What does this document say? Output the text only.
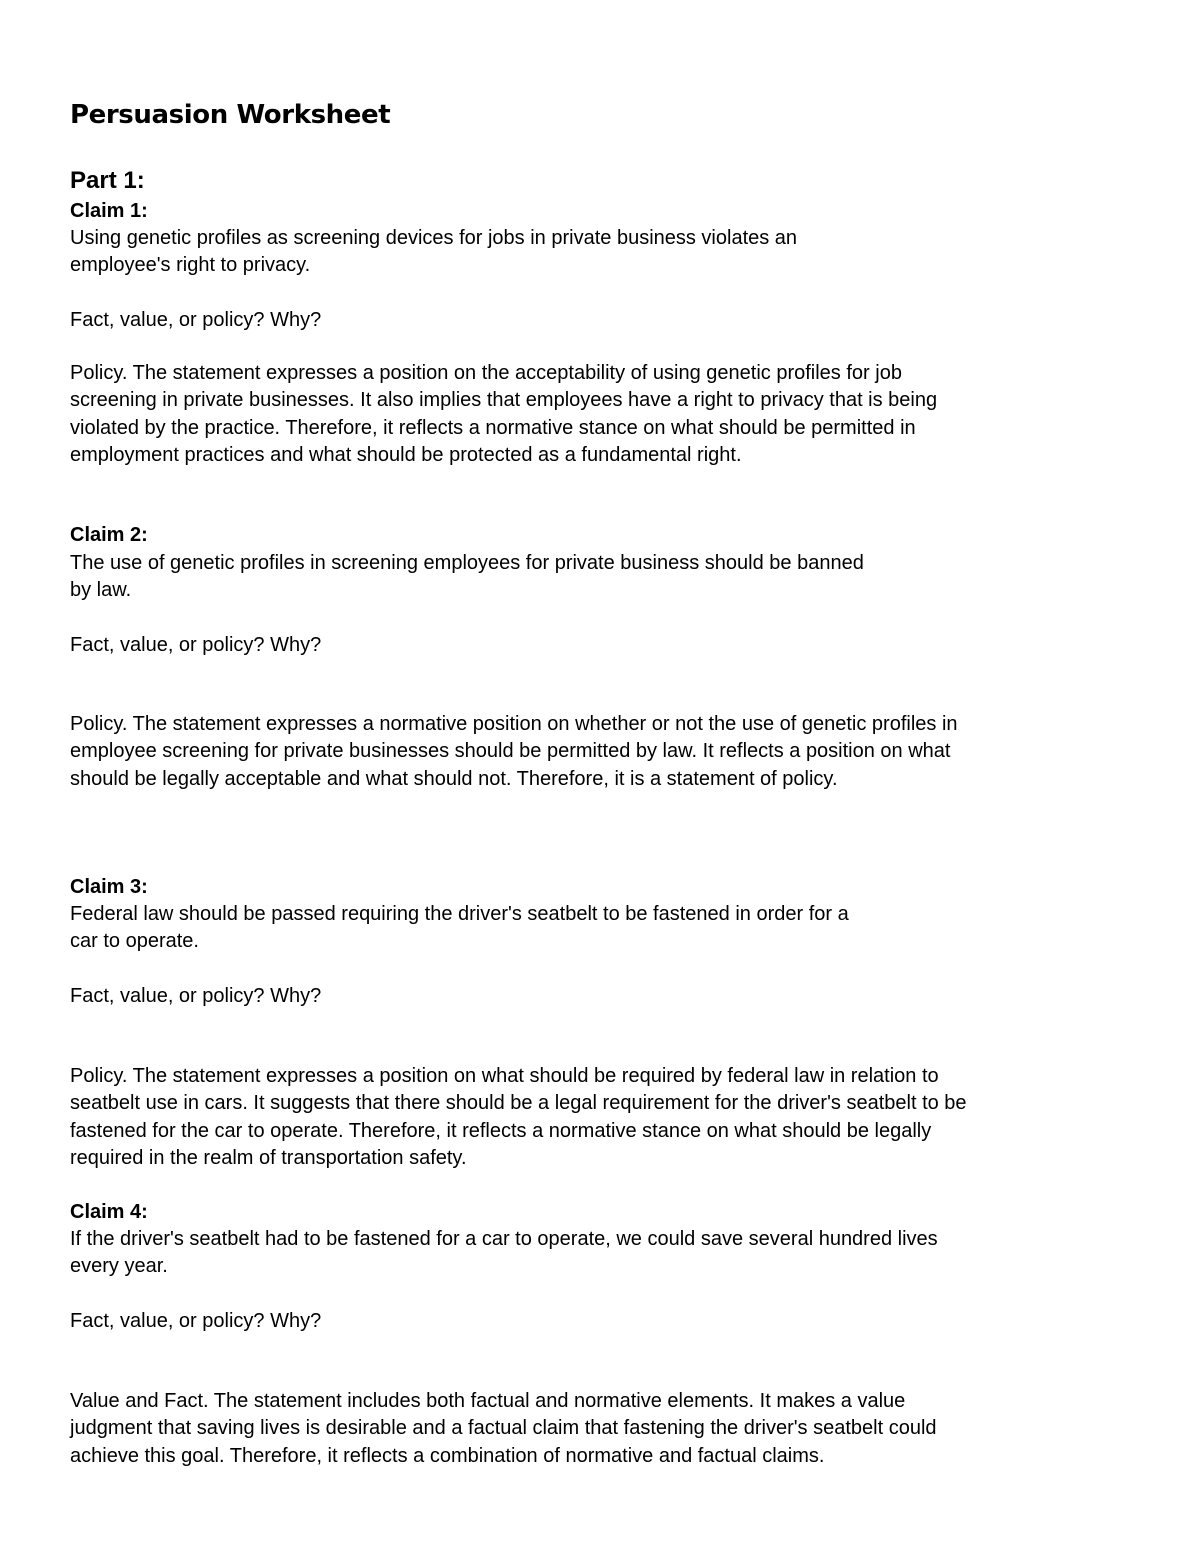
Persuasion Worksheet
Part 1:
Claim 1:
Using genetic profiles as screening devices for jobs in private business violates an
employee's right to privacy.
Fact, value, or policy? Why?
Policy. The statement expresses a position on the acceptability of using genetic profiles for job
screening in private businesses. It also implies that employees have a right to privacy that is being
violated by the practice. Therefore, it reflects a normative stance on what should be permitted in
employment practices and what should be protected as a fundamental right.
Claim 2:
The use of genetic profiles in screening employees for private business should be banned
by law.
Fact, value, or policy? Why?
Policy. The statement expresses a normative position on whether or not the use of genetic profiles in
employee screening for private businesses should be permitted by law. It reflects a position on what
should be legally acceptable and what should not. Therefore, it is a statement of policy.
Claim 3:
Federal law should be passed requiring the driver's seatbelt to be fastened in order for a
car to operate.
Fact, value, or policy? Why?
Policy. The statement expresses a position on what should be required by federal law in relation to
seatbelt use in cars. It suggests that there should be a legal requirement for the driver's seatbelt to be
fastened for the car to operate. Therefore, it reflects a normative stance on what should be legally
required in the realm of transportation safety.
Claim 4:
If the driver's seatbelt had to be fastened for a car to operate, we could save several hundred lives
every year.
Fact, value, or policy? Why?
Value and Fact. The statement includes both factual and normative elements. It makes a value
judgment that saving lives is desirable and a factual claim that fastening the driver's seatbelt could
achieve this goal. Therefore, it reflects a combination of normative and factual claims.
